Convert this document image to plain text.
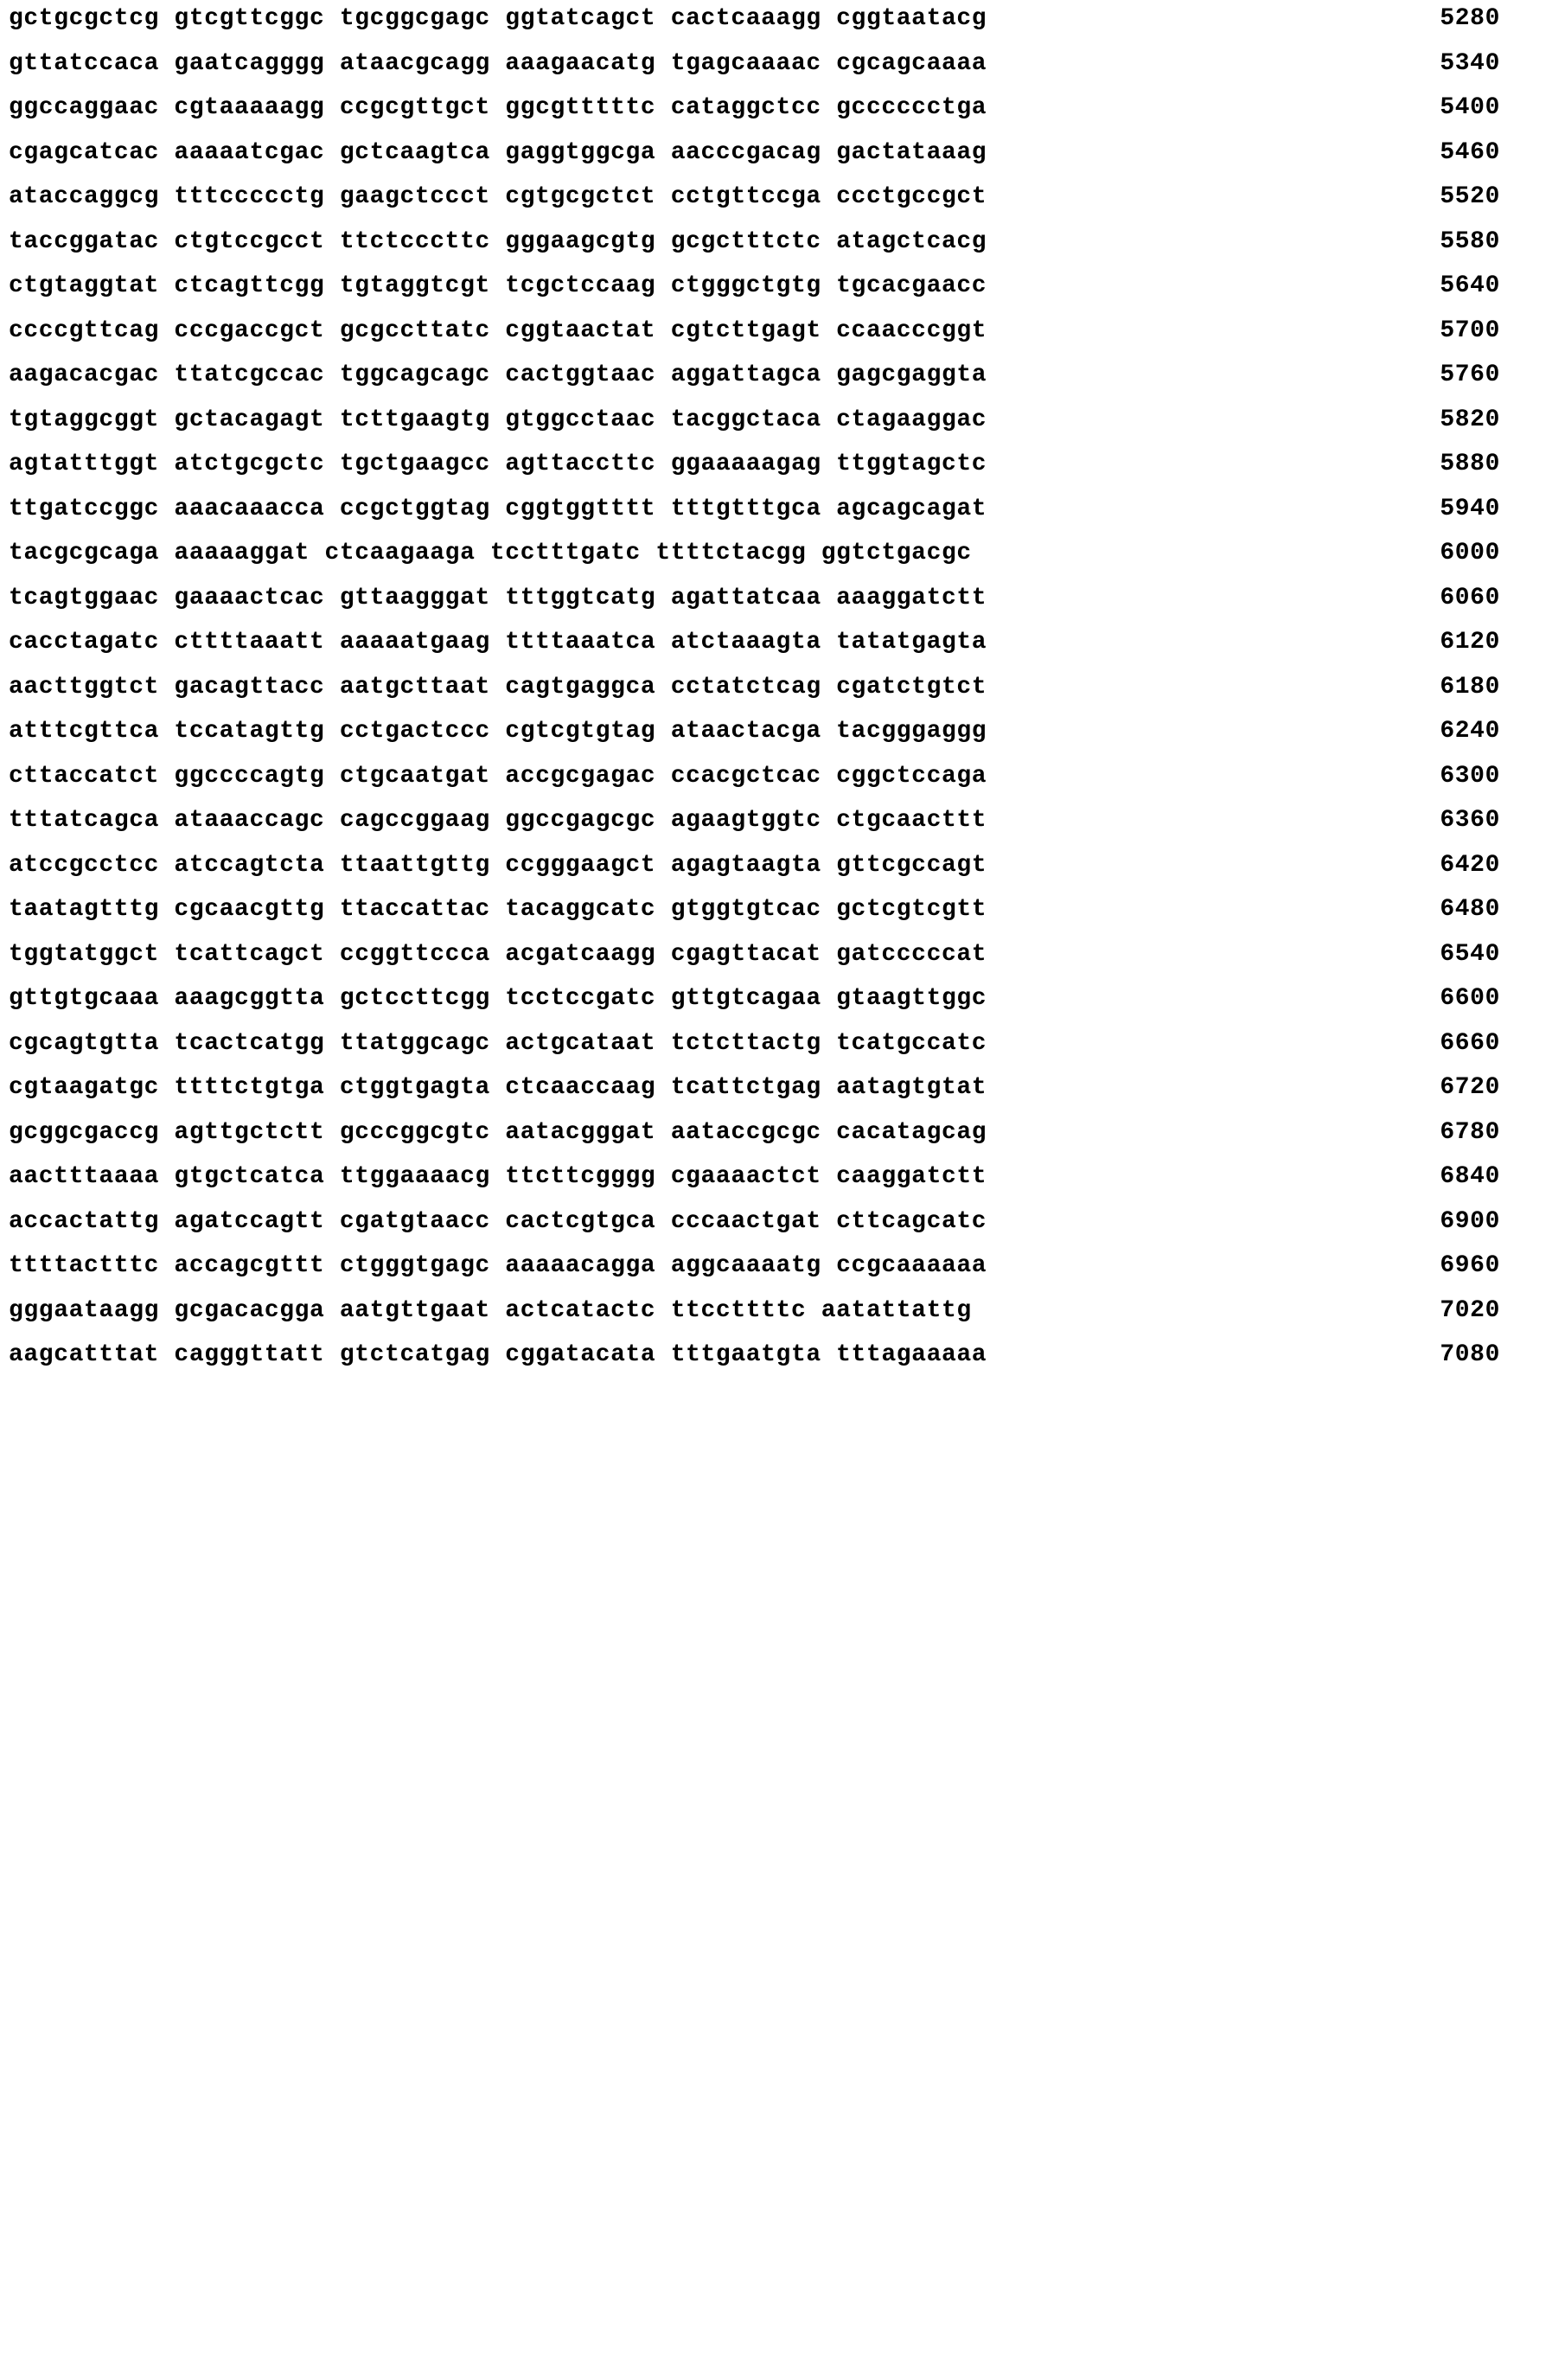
gctgcgctcg gtcgttcggc tgcggcgagc ggtatcagct cactcaaagg cggtaatacg	5280
gttatccaca gaatcagggg ataacgcagg aaagaacatg tgagcaaaac cgcagcaaaa	5340
ggccaggaac cgtaaaaagg ccgcgttgct ggcgtttttc cataggctcc gcccccctga	5400
cgagcatcac aaaaatcgac gctcaagtca gaggtggcga aacccgacag gactataaag	5460
ataccaggcg tttccccctg gaagctccct cgtgcgctct cctgttccga ccctgccgct	5520
taccggatac ctgtccgcct ttctcccttc gggaagcgtg gcgctttctc atagctcacg	5580
ctgtaggtat ctcagttcgg tgtaggtcgt tcgctccaag ctgggctgtg tgcacgaacc	5640
ccccgttcag cccgaccgct gcgccttatc cggtaactat cgtcttgagt ccaacccggt	5700
aagacacgac ttatcgccac tggcagcagc cactggtaac aggattagca gagcgaggta	5760
tgtaggcggt gctacagagt tcttgaagtg gtggcctaac tacggctaca ctagaaggac	5820
agtatttggt atctgcgctc tgctgaagcc agttaccttc ggaaaaagag ttggtagctc	5880
ttgatccggc aaacaaacca ccgctggtag cggtggtttt tttgtttgca agcagcagat	5940
tacgcgcaga aaaaaggat ctcaagaaga tcctttgatc ttttctacgg ggtctgacgc	6000
tcagtggaac gaaaactcac gttaagggat tttggtcatg agattatcaa aaaggatctt	6060
cacctagatc cttttaaatt aaaaatgaag ttttaaatca atctaaagta tatatgagta	6120
aacttggtct gacagttacc aatgcttaat cagtgaggca cctatctcag cgatctgtct	6180
atttcgttca tccatagttg cctgactccc cgtcgtgtag ataactacga tacgggaggg	6240
cttaccatct ggccccagtg ctgcaatgat accgcgagac ccacgctcac cggctccaga	6300
tttatcagca ataaaccagc cagccggaag ggccgagcgc agaagtggtc ctgcaacttt	6360
atccgcctcc atccagtcta ttaattgttg ccgggaagct agagtaagta gttcgccagt	6420
taatagtttg cgcaacgttg ttaccattac tacaggcatc gtggtgtcac gctcgtcgtt	6480
tggtatggct tcattcagct ccggttccca acgatcaagg cgagttacat gatcccccat	6540
gttgtgcaaa aaagcggtta gctccttcgg tcctccgatc gttgtcagaa gtaagttggc	6600
cgcagtgtta tcactcatgg ttatggcagc actgcataat tctcttactg tcatgccatc	6660
cgtaagatgc ttttctgtga ctggtgagta ctcaaccaag tcattctgag aatagtgtat	6720
gcggcgaccg agttgctctt gcccggcgtc aatacgggat aataccgcgc cacatagcag	6780
aactttaaaa gtgctcatca ttggaaaacg ttcttcgggg cgaaaactct caaggatctt	6840
accactattg agatccagtt cgatgtaacc cactcgtgca cccaactgat cttcagcatc	6900
ttttactttc accagcgttt ctgggtgagc aaaaacagga aggcaaaatg ccgcaaaaaa	6960
gggaataagg gcgacacgga aatgttgaat actcatactc ttccttttc aatattattg	7020
aagcatttat cagggttatt gtctcatgag cggatacata tttgaatgta tttagaaaaa	7080
